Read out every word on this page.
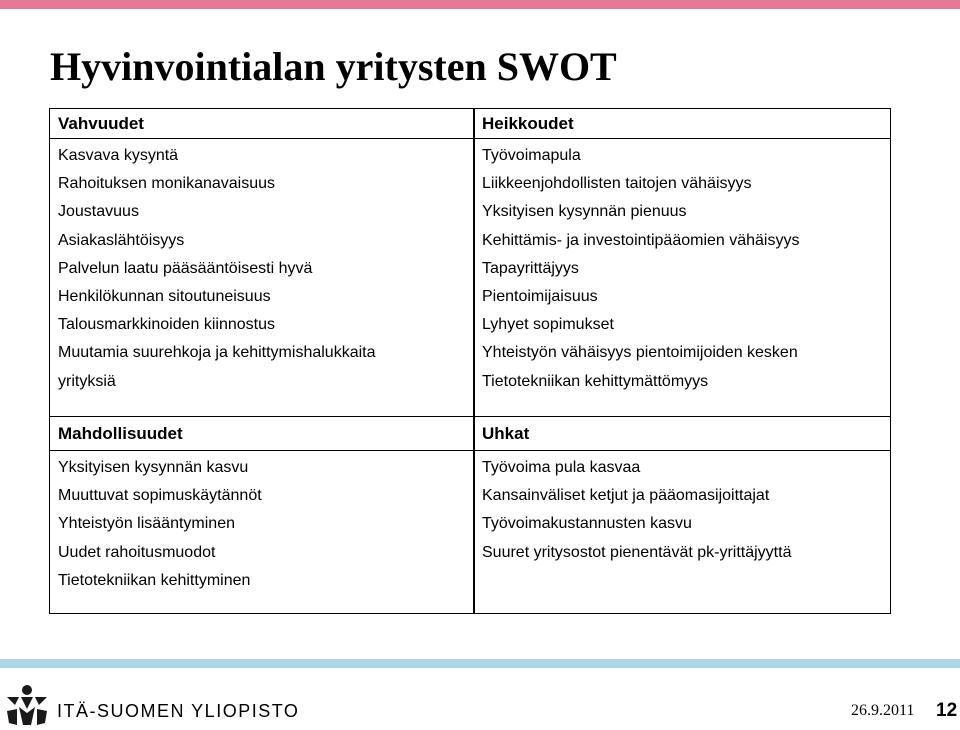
Hyvinvointialan yritysten SWOT
Vahvuudet
Kasvava kysyntä
Rahoituksen monikanavaisuus
Joustavuus
Asiakaslähtöisyys
Palvelun laatu pääsääntöisesti hyvä
Henkilökunnan sitoutuneisuus
Talousmarkkinoiden kiinnostus
Muutamia suurehkoja ja kehittymishalukkaita
yrityksiä
Heikkoudet
Työvoimapula
Liikkeenjohdollisten taitojen vähäisyys
Yksityisen kysynnän pienuus
Kehittämis- ja investointipääomien vähäisyys
Tapayrittäjyys
Pientoimijaisuus
Lyhyet sopimukset
Yhteistyön vähäisyys pientoimijoiden kesken
Tietotekniikan kehittymättömyys
Mahdollisuudet
Yksityisen kysynnän kasvu
Muuttuvat sopimuskäytännöt
Yhteistyön lisääntyminen
Uudet rahoitusmuodot
Tietotekniikan kehittyminen
Uhkat
Työvoima pula kasvaa
Kansainväliset ketjut ja pääomasijoittajat
Työvoimakustannusten kasvu
Suuret yritysostot pienentävät pk-yrittäjyyttä
ITÄ-SUOMEN YLIOPISTO	26.9.2011 12
